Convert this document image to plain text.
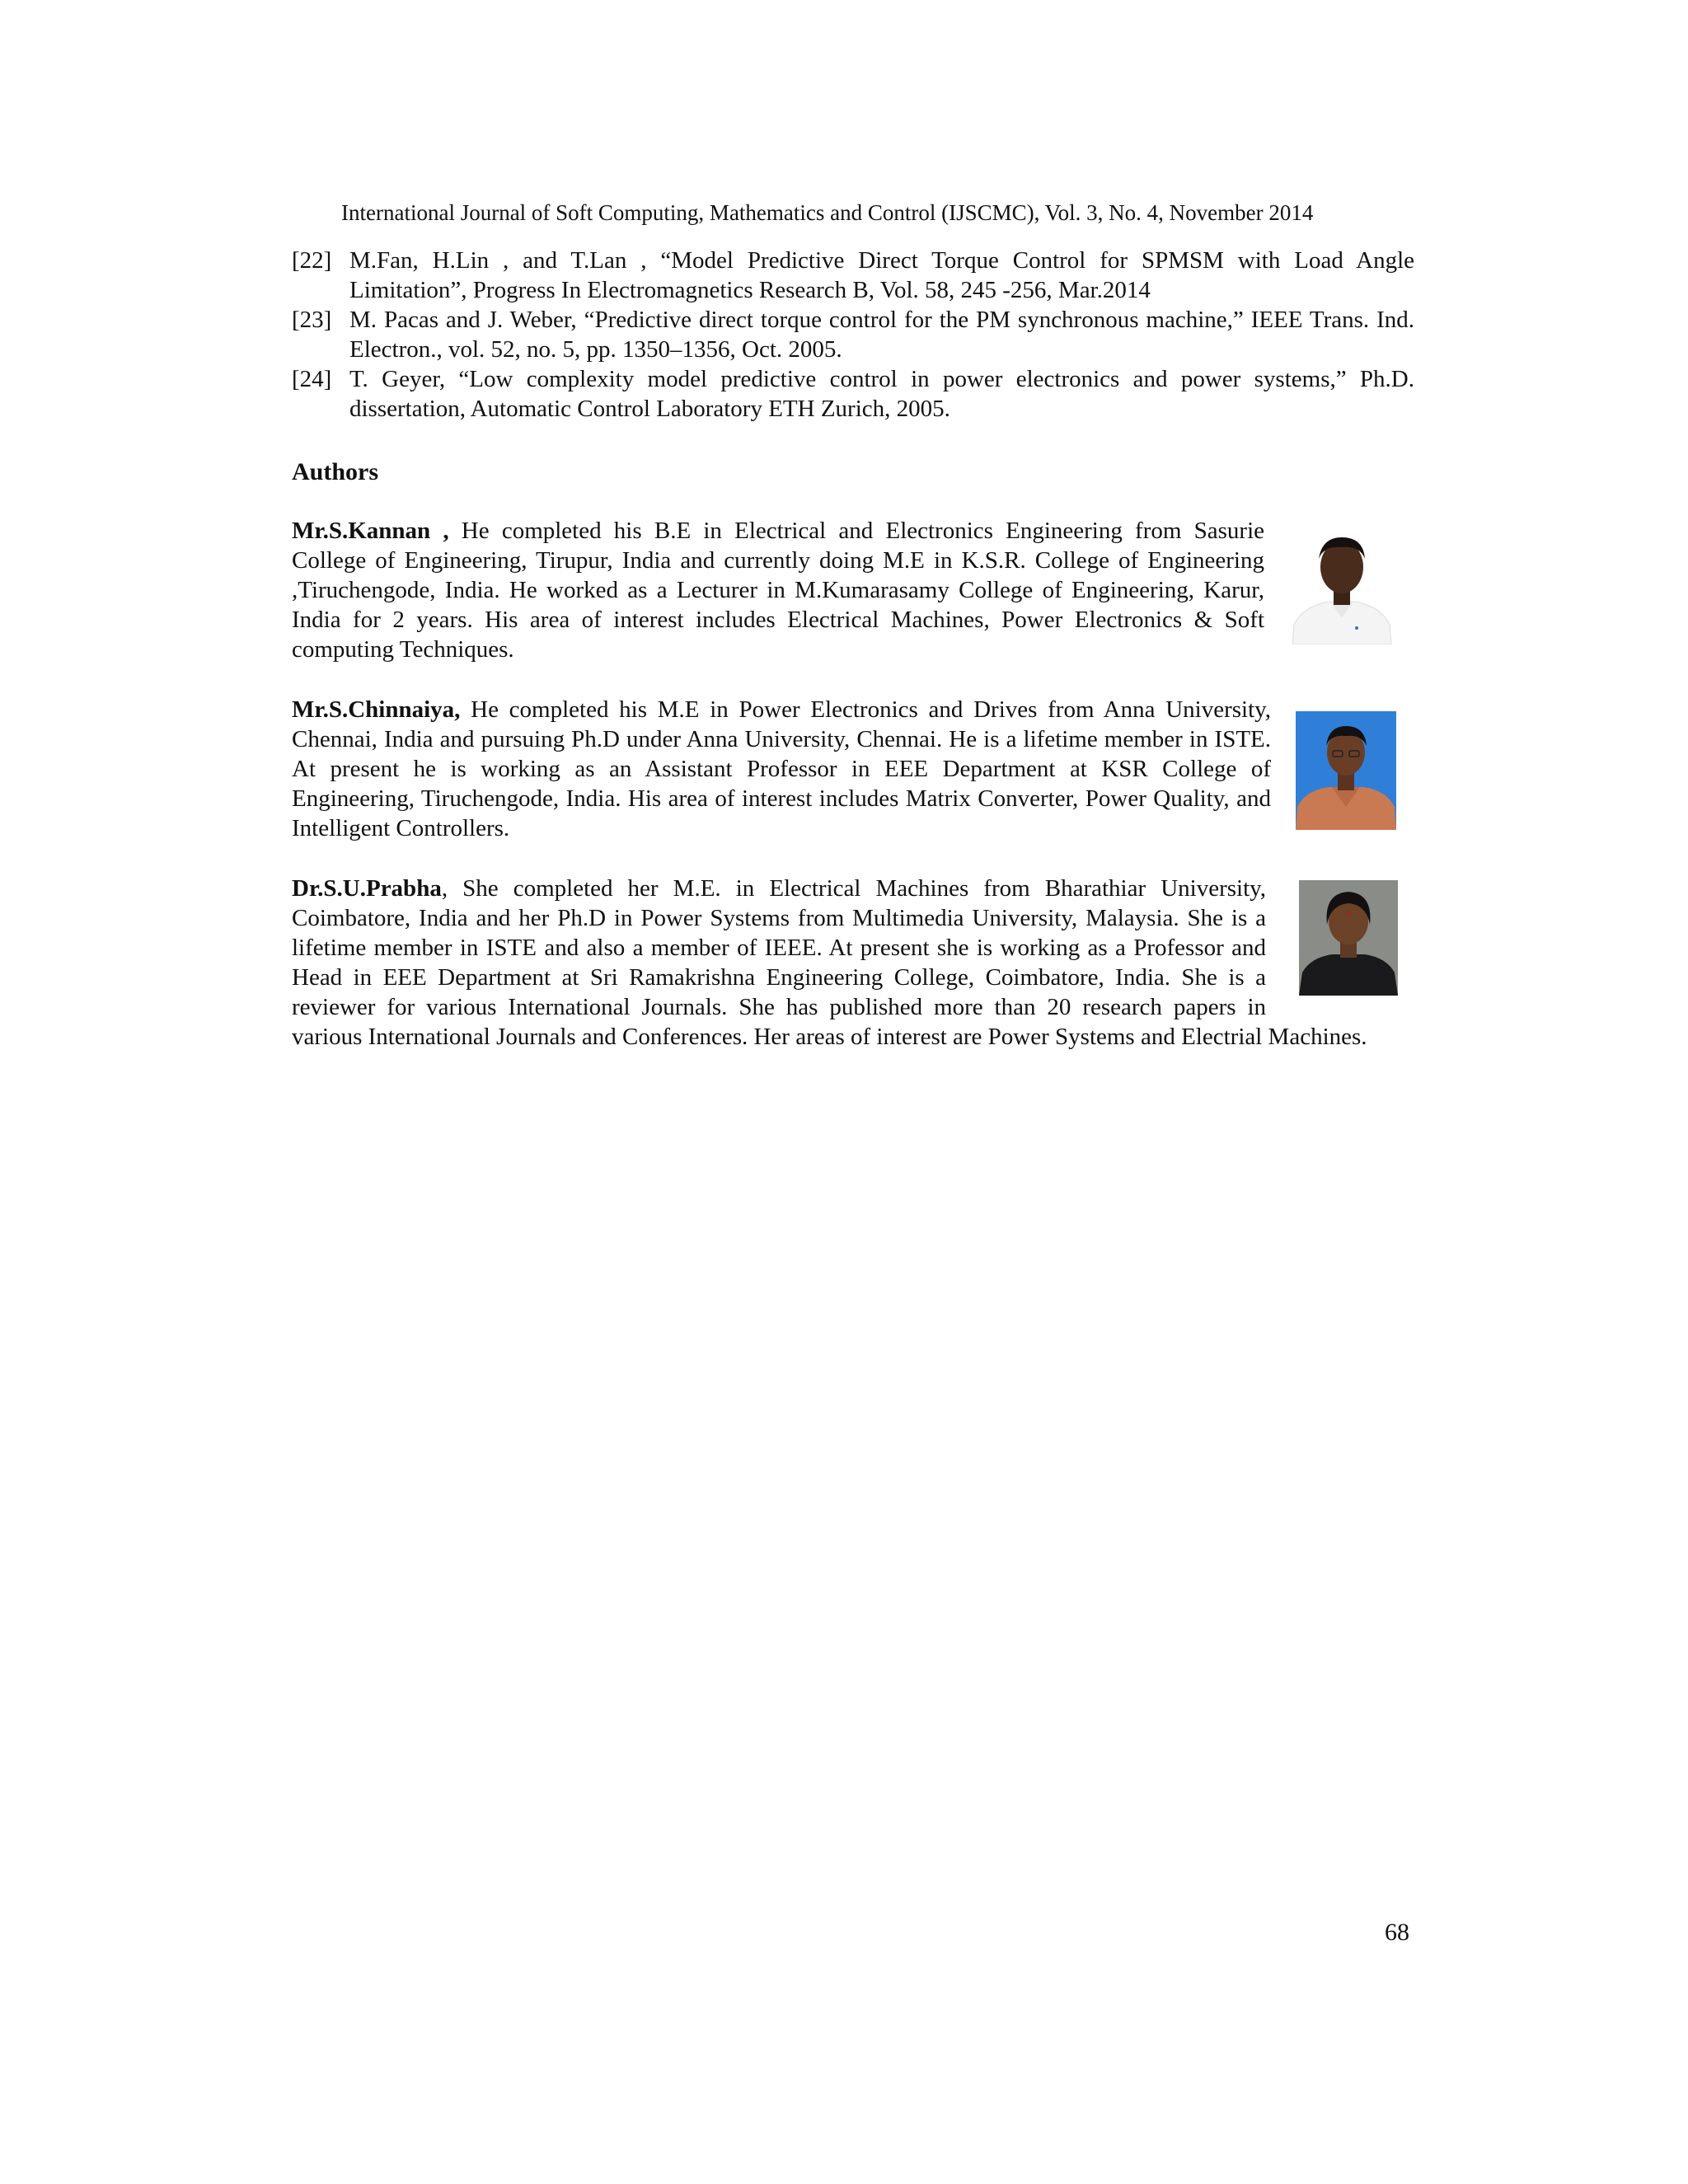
International Journal of Soft Computing, Mathematics and Control (IJSCMC), Vol. 3, No. 4, November 2014
[22] M.Fan, H.Lin , and T.Lan , “Model Predictive Direct Torque Control for SPMSM with Load Angle Limitation”, Progress In Electromagnetics Research B, Vol. 58, 245 -256, Mar.2014
[23] M. Pacas and J. Weber, “Predictive direct torque control for the PM synchronous machine,” IEEE Trans. Ind. Electron., vol. 52, no. 5, pp. 1350–1356, Oct. 2005.
[24] T. Geyer, “Low complexity model predictive control in power electronics and power systems,” Ph.D. dissertation, Automatic Control Laboratory ETH Zurich, 2005.
Authors
Mr.S.Kannan , He completed his B.E in Electrical and Electronics Engineering from Sasurie College of Engineering, Tirupur, India and currently doing M.E in K.S.R. College of Engineering ,Tiruchengode, India. He worked as a Lecturer in M.Kumarasamy College of Engineering, Karur, India for 2 years. His area of interest includes Electrical Machines, Power Electronics & Soft computing Techniques.
Mr.S.Chinnaiya, He completed his M.E in Power Electronics and Drives from Anna University, Chennai, India and pursuing Ph.D under Anna University, Chennai. He is a lifetime member in ISTE. At present he is working as an Assistant Professor in EEE Department at KSR College of Engineering, Tiruchengode, India. His area of interest includes Matrix Converter, Power Quality, and Intelligent Controllers.
Dr.S.U.Prabha, She completed her M.E. in Electrical Machines from Bharathiar University, Coimbatore, India and her Ph.D in Power Systems from Multimedia University, Malaysia. She is a lifetime member in ISTE and also a member of IEEE. At present she is working as a Professor and Head in EEE Department at Sri Ramakrishna Engineering College, Coimbatore, India. She is a reviewer for various International Journals. She has published more than 20 research papers in various International Journals and Conferences. Her areas of interest are Power Systems and Electrial Machines.
68
